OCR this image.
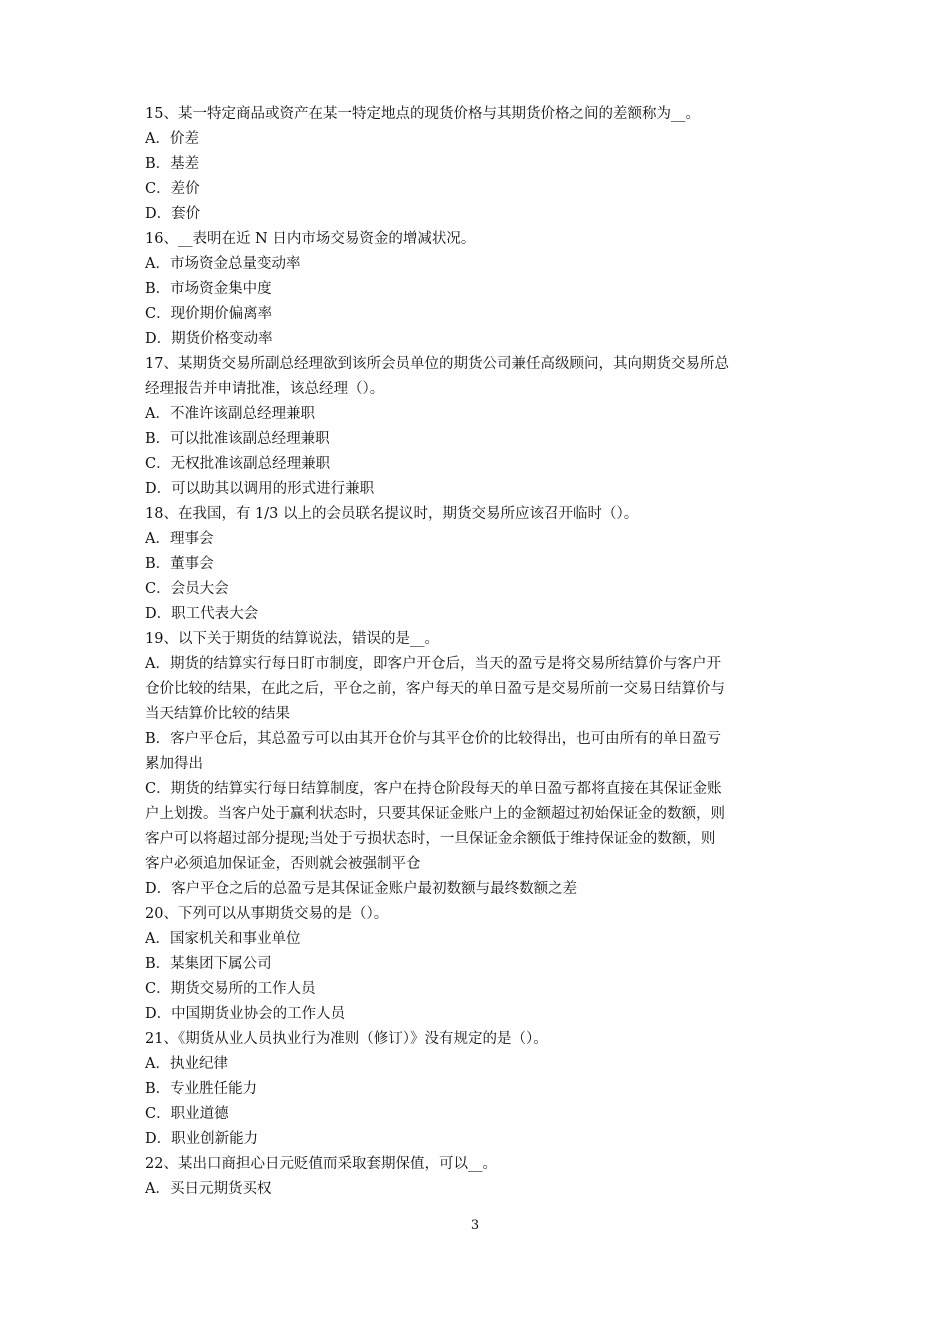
15、某一特定商品或资产在某一特定地点的现货价格与其期货价格之间的差额称为__。
A．价差
B．基差
C．差价
D．套价
16、__表明在近 N 日内市场交易资金的增减状况。
A．市场资金总量变动率
B．市场资金集中度
C．现价期价偏离率
D．期货价格变动率
17、某期货交易所副总经理欲到该所会员单位的期货公司兼任高级顾问，其向期货交易所总
经理报告并申请批准，该总经理（）。
A．不准许该副总经理兼职
B．可以批准该副总经理兼职
C．无权批准该副总经理兼职
D．可以助其以调用的形式进行兼职
18、在我国，有 1/3 以上的会员联名提议时，期货交易所应该召开临时（）。
A．理事会
B．董事会
C．会员大会
D．职工代表大会
19、以下关于期货的结算说法，错误的是__。
A．期货的结算实行每日盯市制度，即客户开仓后，当天的盈亏是将交易所结算价与客户开
仓价比较的结果，在此之后，平仓之前，客户每天的单日盈亏是交易所前一交易日结算价与
当天结算价比较的结果
B．客户平仓后，其总盈亏可以由其开仓价与其平仓价的比较得出，也可由所有的单日盈亏
累加得出
C．期货的结算实行每日结算制度，客户在持仓阶段每天的单日盈亏都将直接在其保证金账
户上划拨。当客户处于赢利状态时，只要其保证金账户上的金额超过初始保证金的数额，则
客户可以将超过部分提现;当处于亏损状态时，一旦保证金余额低于维持保证金的数额，则
客户必须追加保证金，否则就会被强制平仓
D．客户平仓之后的总盈亏是其保证金账户最初数额与最终数额之差
20、下列可以从事期货交易的是（）。
A．国家机关和事业单位
B．某集团下属公司
C．期货交易所的工作人员
D．中国期货业协会的工作人员
21、《期货从业人员执业行为准则（修订）》没有规定的是（）。
A．执业纪律
B．专业胜任能力
C．职业道德
D．职业创新能力
22、某出口商担心日元贬值而采取套期保值，可以__。
A．买日元期货买权
3
